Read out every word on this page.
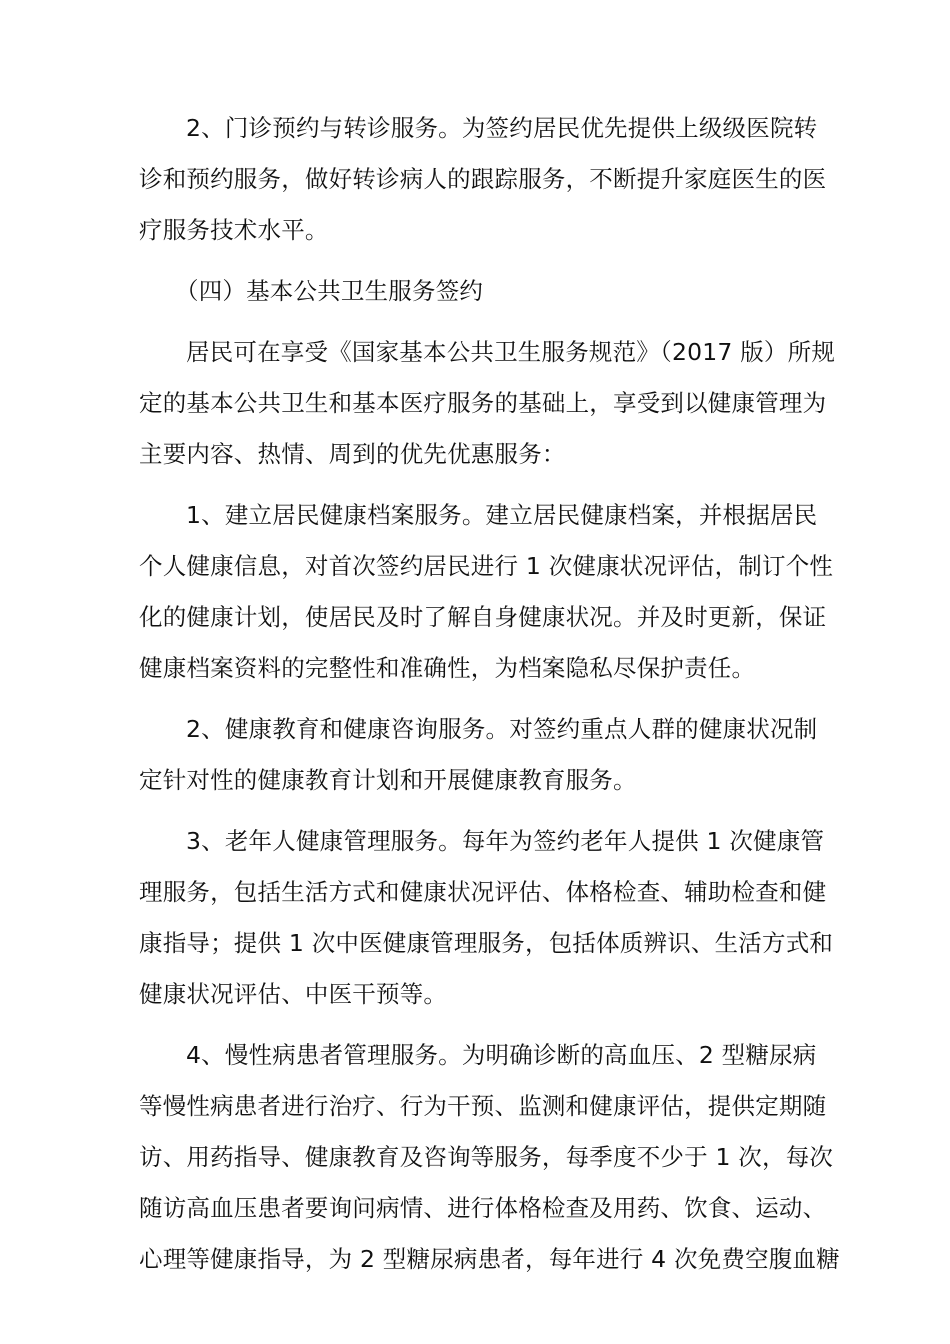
2、门诊预约与转诊服务。为签约居民优先提供上级级医院转
诊和预约服务，做好转诊病人的跟踪服务，不断提升家庭医生的医
疗服务技术水平。
（四）基本公共卫生服务签约
居民可在享受《国家基本公共卫生服务规范》（2017 版）所规
定的基本公共卫生和基本医疗服务的基础上，享受到以健康管理为
主要内容、热情、周到的优先优惠服务：
1、建立居民健康档案服务。建立居民健康档案，并根据居民
个人健康信息，对首次签约居民进行 1 次健康状况评估，制订个性
化的健康计划，使居民及时了解自身健康状况。并及时更新，保证
健康档案资料的完整性和准确性，为档案隐私尽保护责任。
2、健康教育和健康咨询服务。对签约重点人群的健康状况制
定针对性的健康教育计划和开展健康教育服务。
3、老年人健康管理服务。每年为签约老年人提供 1 次健康管
理服务，包括生活方式和健康状况评估、体格检查、辅助检查和健
康指导；提供 1 次中医健康管理服务，包括体质辨识、生活方式和
健康状况评估、中医干预等。
4、慢性病患者管理服务。为明确诊断的高血压、2 型糖尿病
等慢性病患者进行治疗、行为干预、监测和健康评估，提供定期随
访、用药指导、健康教育及咨询等服务，每季度不少于 1 次，每次
随访高血压患者要询问病情、进行体格检查及用药、饮食、运动、
心理等健康指导，为 2 型糖尿病患者，每年进行 4 次免费空腹血糖
